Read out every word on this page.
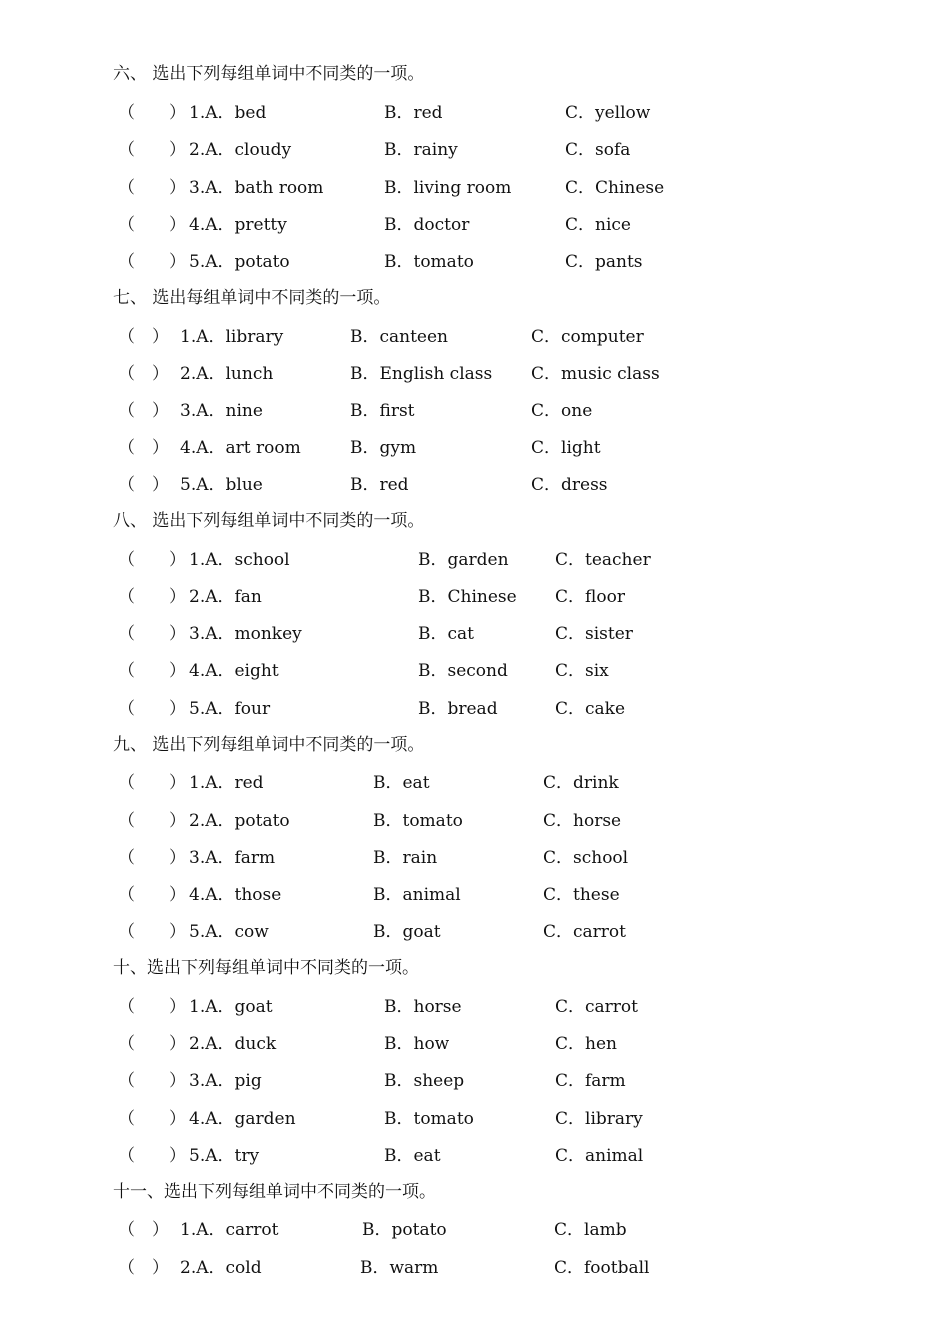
六、 选出下列每组单词中不同类的一项。
（　　） 1.A．bed	B．red	C．yellow
（　　） 2.A．cloudy	B．rainy	C．sofa
（　　） 3.A．bath room	B．living room	C．Chinese
（　　） 4.A．pretty	B．doctor	C．nice
（　　） 5.A．potato	B．tomato	C．pants
七、 选出每组单词中不同类的一项。
（　） 1.A．library	B．canteen	C．computer
（　） 2.A．lunch	B．English class C．music class
（　） 3.A．nine	B．first	C．one
（　） 4.A．art room	B．gym	C．light
（　） 5.A．blue	B．red	C．dress
八、 选出下列每组单词中不同类的一项。
（　　） 1.A．school	B．garden	C．teacher
（　　） 2.A．fan	B．Chinese C．floor
（　　） 3.A．monkey	B．cat	C．sister
（　　） 4.A．eight	B．second	C．six
（　　） 5.A．four	B．bread	C．cake
九、 选出下列每组单词中不同类的一项。
（　　） 1.A．red	B．eat	C．drink
（　　） 2.A．potato	B．tomato	C．horse
（　　） 3.A．farm	B．rain	C．school
（　　） 4.A．those	B．animal	C．these
（　　） 5.A．cow	B．goat	C．carrot
十、选出下列每组单词中不同类的一项。
（　　） 1.A．goat	B．horse	C．carrot
（　　） 2.A．duck	B．how	C．hen
（　　） 3.A．pig	B．sheep	C．farm
（　　） 4.A．garden	B．tomato	C．library
（　　） 5.A．try	B．eat	C．animal
十一、选出下列每组单词中不同类的一项。
（　） 1.A．carrot	B．potato	C．lamb
（　） 2.A．cold	B．warm	C．football
